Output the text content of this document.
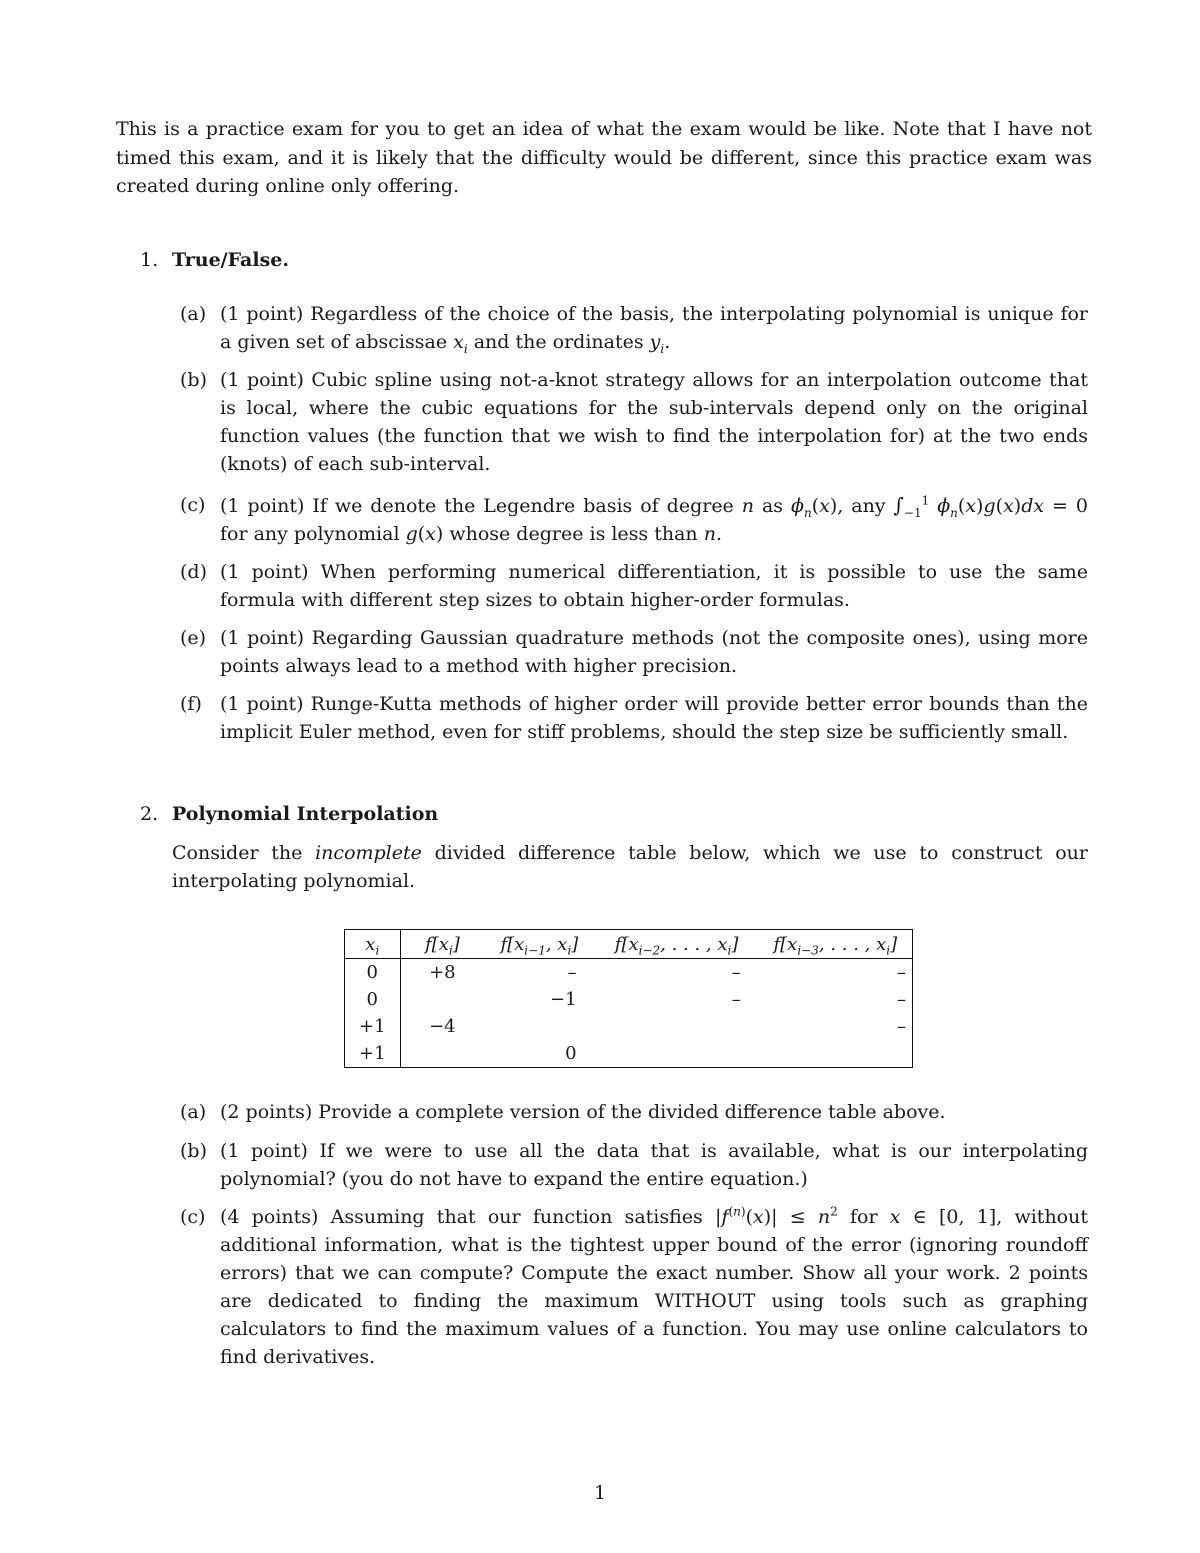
This is a practice exam for you to get an idea of what the exam would be like. Note that I have not timed this exam, and it is likely that the difficulty would be different, since this practice exam was created during online only offering.
1. True/False.
(a) (1 point) Regardless of the choice of the basis, the interpolating polynomial is unique for a given set of abscissae $x_i$ and the ordinates $y_i$.
(b) (1 point) Cubic spline using not-a-knot strategy allows for an interpolation outcome that is local, where the cubic equations for the sub-intervals depend only on the original function values (the function that we wish to find the interpolation for) at the two ends (knots) of each sub-interval.
(c) (1 point) If we denote the Legendre basis of degree n as $\phi_n(x)$, any $\int_{-1}^1$ $\phi_n(x)g(x)dx = 0$ for any polynomial g(x) whose degree is less than n.
(d) (1 point) When performing numerical differentiation, it is possible to use the same formula with different step sizes to obtain higher-order formulas.
(e) (1 point) Regarding Gaussian quadrature methods (not the composite ones), using more points always lead to a method with higher precision.
(f) (1 point) Runge-Kutta methods of higher order will provide better error bounds than the implicit Euler method, even for stiff problems, should the step size be sufficiently small.
2. Polynomial Interpolation
Consider the incomplete divided difference table below, which we use to construct our interpolating polynomial.
$x_i$	$f[x_i]$	$f[x_{i-1}$, $x_i$]	$f[x_{i-2}$, . . . , $x_i$]	$f[x_{i-3}$, . . . , $x_i$]
0	+8	–	–	–
0		−1	–	–
+1	−4			–
+1		0		
(a) (2 points) Provide a complete version of the divided difference table above.
(b) (1 point) If we were to use all the data that is available, what is our interpolating polynomial? (you do not have to expand the entire equation.)
(c) (4 points) Assuming that our function satisfies $|f^{(n)}(x)| \le n^2$ for x ∈ [0, 1], without additional information, what is the tightest upper bound of the error (ignoring roundoff errors) that we can compute? Compute the exact number. Show all your work. 2 points are dedicated to finding the maximum WITHOUT using tools such as graphing calculators to find the maximum values of a function. You may use online calculators to find derivatives.
1
